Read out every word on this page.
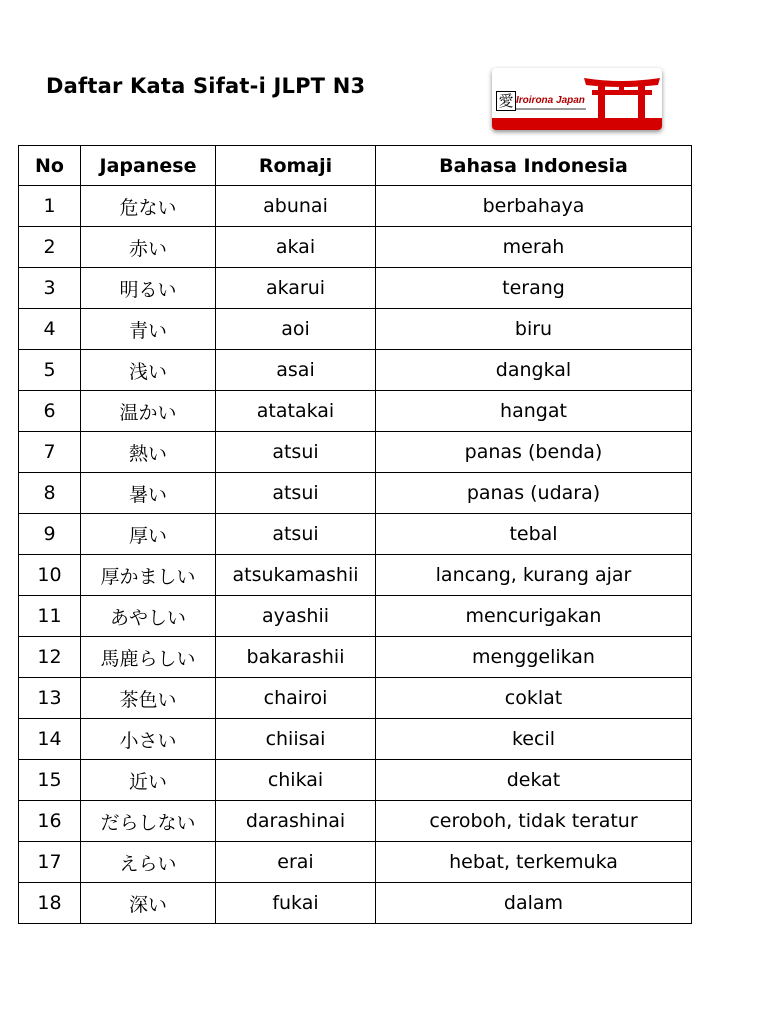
Daftar Kata Sifat-i JLPT N3
愛 Iroirona Japan
No	Japanese	Romaji	Bahasa Indonesia
1	危ない	abunai	berbahaya
2	赤い	akai	merah
3	明るい	akarui	terang
4	青い	aoi	biru
5	浅い	asai	dangkal
6	温かい	atatakai	hangat
7	熱い	atsui	panas (benda)
8	暑い	atsui	panas (udara)
9	厚い	atsui	tebal
10	厚かましい	atsukamashii	lancang, kurang ajar
11	あやしい	ayashii	mencurigakan
12	馬鹿らしい	bakarashii	menggelikan
13	茶色い	chairoi	coklat
14	小さい	chiisai	kecil
15	近い	chikai	dekat
16	だらしない	darashinai	ceroboh, tidak teratur
17	えらい	erai	hebat, terkemuka
18	深い	fukai	dalam
